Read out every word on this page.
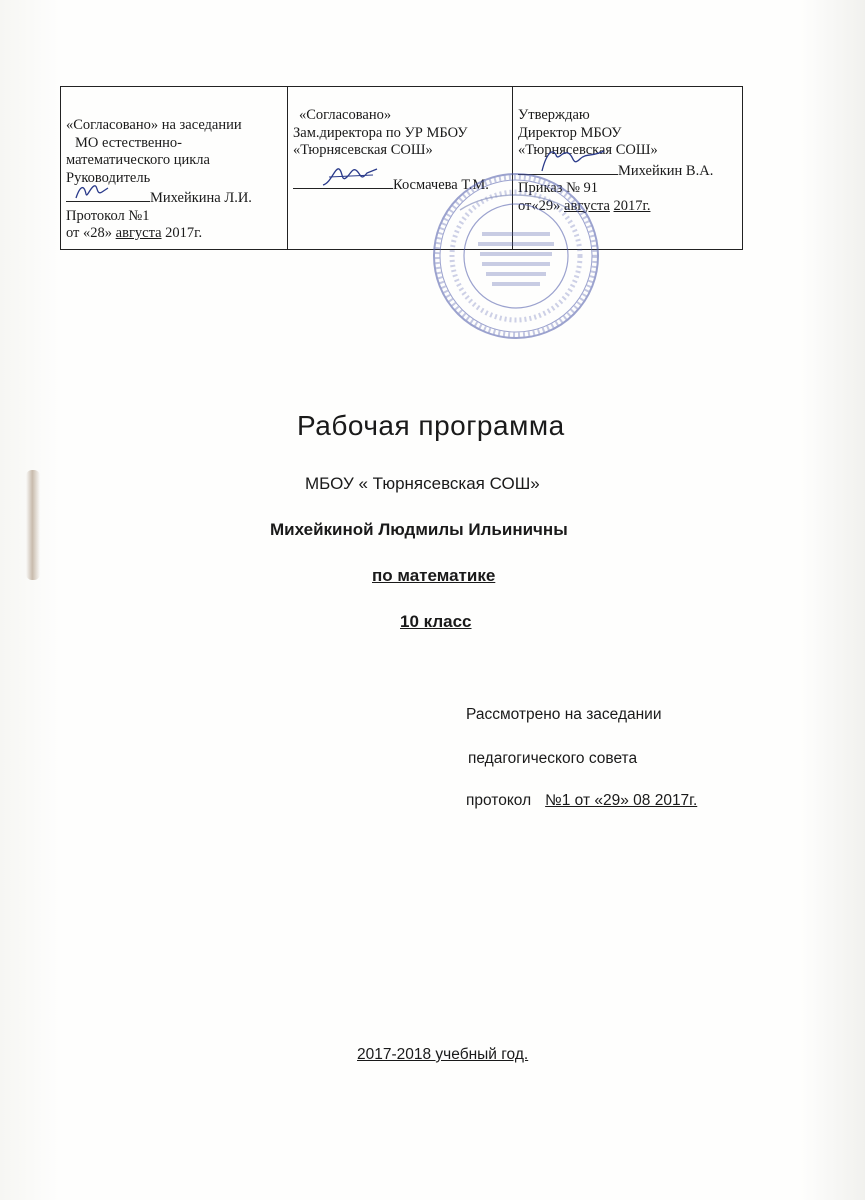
«Согласовано» на заседании
МО естественно-
математического цикла
Руководитель
Михейкина Л.И.
Протокол №1
от «28» августа 2017г.
«Согласовано»
Зам.директора по УР МБОУ
«Тюрнясевская СОШ»
Космачева Т.М.
Утверждаю
Директор МБОУ
«Тюрнясевская СОШ»
Михейкин В.А.
Приказ № 91
от«29» августа 2017г.
Рабочая программа
МБОУ « Тюрнясевская СОШ»
Михейкиной Людмилы Ильиничны
по математике
10 класс
Рассмотрено на заседании
педагогического совета
протокол №1 от «29» 08 2017г.
2017-2018 учебный год.
